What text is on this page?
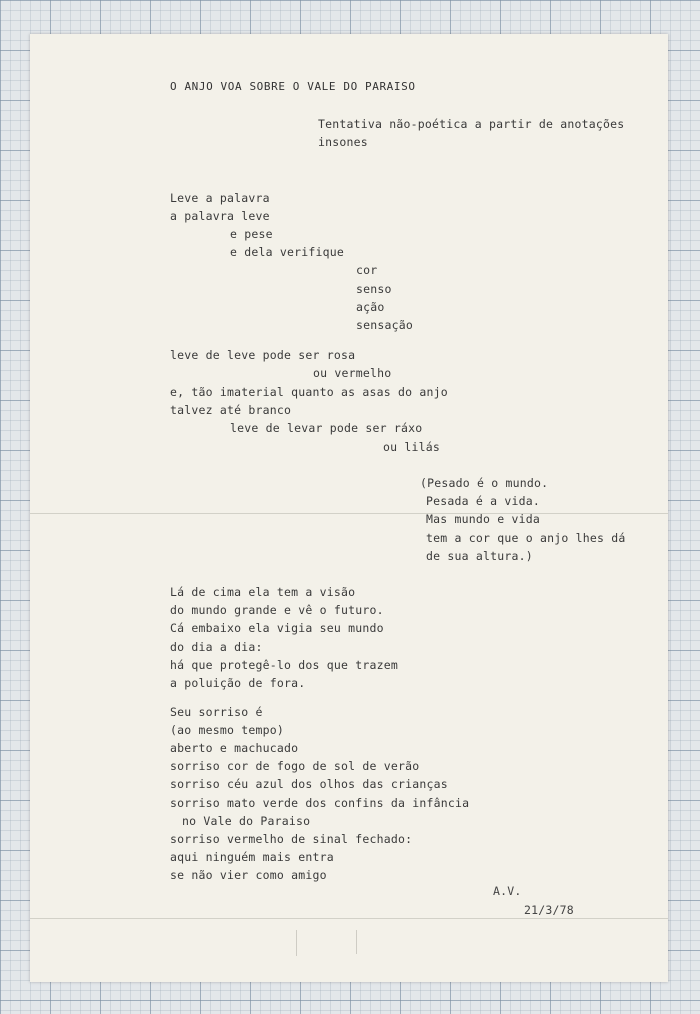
O ANJO VOA SOBRE O VALE DO PARAISO

Tentativa não-poética a partir de anotações

insones

Leve a palavra

a palavra leve

e pese

e dela verifique

cor

senso

ação

sensação

leve de leve pode ser rosa

ou vermelho

e, tão imaterial quanto as asas do anjo

talvez até branco

leve de levar pode ser ráxo

ou lilás

(Pesado é o mundo.

Pesada é a vida.

Mas mundo e vida

tem a cor que o anjo lhes dá

de sua altura.)

Lá de cima ela tem a visão

do mundo grande e vê o futuro.

Cá embaixo ela vigia seu mundo

do dia a dia:

há que protegê-lo dos que trazem

a poluição de fora.

Seu sorriso é

(ao mesmo tempo)

aberto e machucado

sorriso cor de fogo de sol de verão

sorriso céu azul dos olhos das crianças

sorriso mato verde dos confins da infância

no Vale do Paraiso

sorriso vermelho de sinal fechado:

aqui ninguém mais entra

se não vier como amigo

A.V.

21/3/78
